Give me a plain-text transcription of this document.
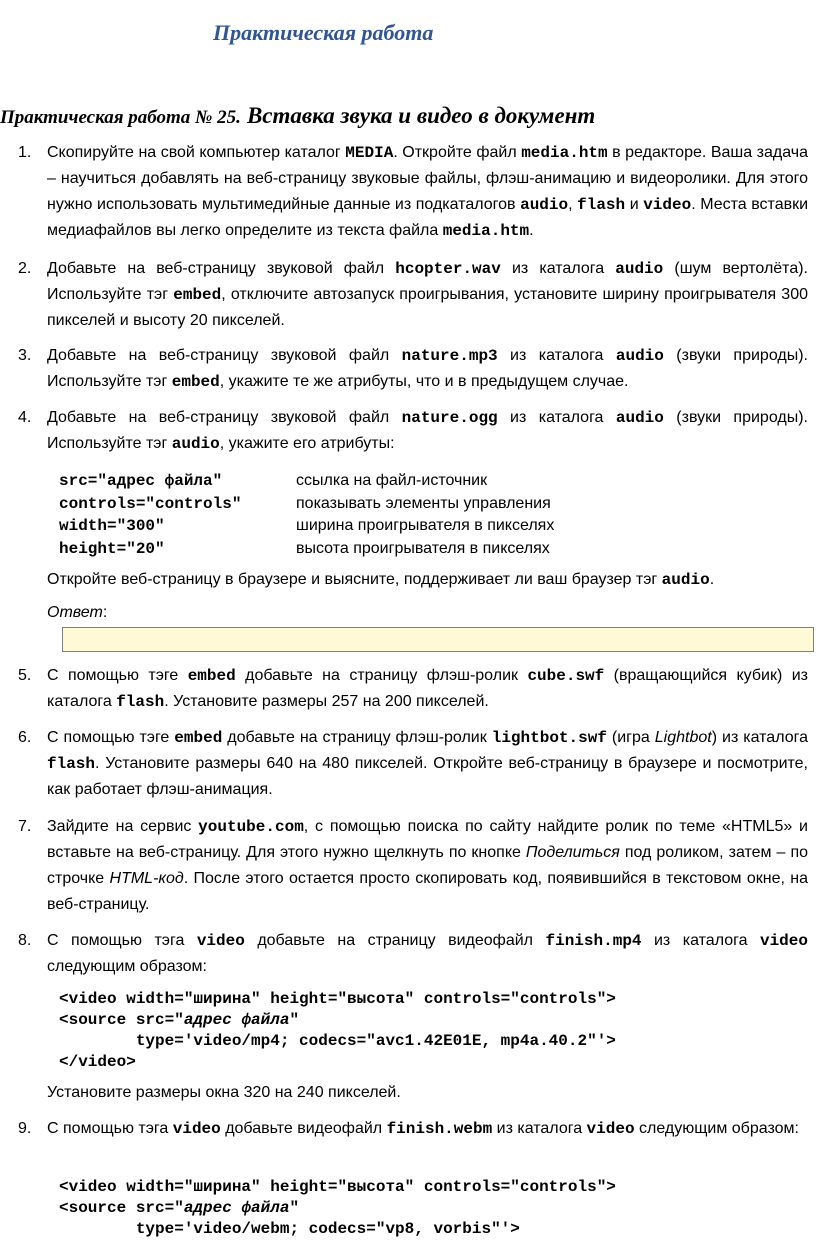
Практическая работа
Практическая работа № 25. Вставка звука и видео в документ
1. Скопируйте на свой компьютер каталог MEDIA. Откройте файл media.htm в редакторе. Ваша задача – научиться добавлять на веб-страницу звуковые файлы, флэш-анимацию и видеоролики. Для этого нужно использовать мультимедийные данные из подкаталогов audio, flash и video. Места вставки медиафайлов вы легко определите из текста файла media.htm.
2. Добавьте на веб-страницу звуковой файл hcopter.wav из каталога audio (шум вертолёта). Используйте тэг embed, отключите автозапуск проигрывания, установите ширину проигрывателя 300 пикселей и высоту 20 пикселей.
3. Добавьте на веб-страницу звуковой файл nature.mp3 из каталога audio (звуки природы). Используйте тэг embed, укажите те же атрибуты, что и в предыдущем случае.
4. Добавьте на веб-страницу звуковой файл nature.ogg из каталога audio (звуки природы). Используйте тэг audio, укажите его атрибуты:
src="адрес файла"	ссылка на файл-источник
controls="controls"	показывать элементы управления
width="300"	ширина проигрывателя в пикселях
height="20"	высота проигрывателя в пикселях
Откройте веб-страницу в браузере и выясните, поддерживает ли ваш браузер тэг audio.
Ответ:
5. С помощью тэге embed добавьте на страницу флэш-ролик cube.swf (вращающийся кубик) из каталога flash. Установите размеры 257 на 200 пикселей.
6. С помощью тэге embed добавьте на страницу флэш-ролик lightbot.swf (игра Lightbot) из каталога flash. Установите размеры 640 на 480 пикселей. Откройте веб-страницу в браузере и посмотрите, как работает флэш-анимация.
7. Зайдите на сервис youtube.com, с помощью поиска по сайту найдите ролик по теме «HTML5» и вставьте на веб-страницу. Для этого нужно щелкнуть по кнопке Поделиться под роликом, затем – по строчке HTML-код. После этого остается просто скопировать код, появившийся в текстовом окне, на веб-страницу.
8. С помощью тэга video добавьте на страницу видеофайл finish.mp4 из каталога video следующим образом:
<video width="ширина" height="высота" controls="controls">
<source src="адрес файла"
type='video/mp4; codecs="avc1.42E01E, mp4a.40.2"'>
</video>
Установите размеры окна 320 на 240 пикселей.
9. С помощью тэга video добавьте видеофайл finish.webm из каталога video следующим образом:
<video width="ширина" height="высота" controls="controls">
<source src="адрес файла"
type='video/webm; codecs="vp8, vorbis"'>
